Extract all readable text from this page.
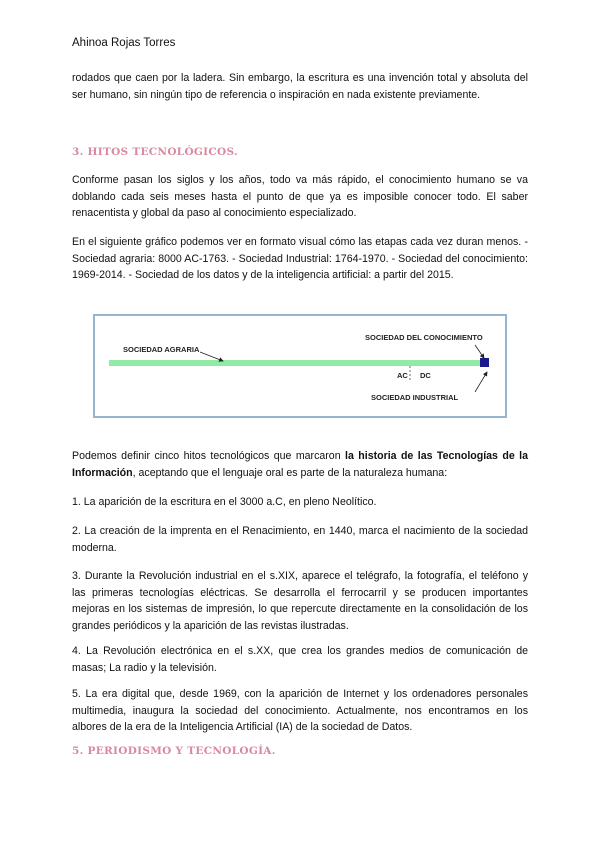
Ahinoa Rojas Torres
rodados que caen por la ladera. Sin embargo, la escritura es una invención total y absoluta del ser humano, sin ningún tipo de referencia o inspiración en nada existente previamente.
3. HITOS TECNOLÓGICOS.
Conforme pasan los siglos y los años, todo va más rápido, el conocimiento humano se va doblando cada seis meses hasta el punto de que ya es imposible conocer todo. El saber renacentista y global da paso al conocimiento especializado.
En el siguiente gráfico podemos ver en formato visual cómo las etapas cada vez duran menos. - Sociedad agraria: 8000 AC-1763. - Sociedad Industrial: 1764-1970. - Sociedad del conocimiento: 1969-2014. - Sociedad de los datos y de la inteligencia artificial: a partir del 2015.
SOCIEDAD AGRARIA
SOCIEDAD DEL CONOCIMIENTO
AC DC
SOCIEDAD INDUSTRIAL
Podemos definir cinco hitos tecnológicos que marcaron la historia de las Tecnologías de la Información, aceptando que el lenguaje oral es parte de la naturaleza humana:
1. La aparición de la escritura en el 3000 a.C, en pleno Neolítico.
2. La creación de la imprenta en el Renacimiento, en 1440, marca el nacimiento de la sociedad moderna.
3. Durante la Revolución industrial en el s.XIX, aparece el telégrafo, la fotografía, el teléfono y las primeras tecnologías eléctricas. Se desarrolla el ferrocarril y se producen importantes mejoras en los sistemas de impresión, lo que repercute directamente en la consolidación de los grandes periódicos y la aparición de las revistas ilustradas.
4. La Revolución electrónica en el s.XX, que crea los grandes medios de comunicación de masas; La radio y la televisión.
5. La era digital que, desde 1969, con la aparición de Internet y los ordenadores personales multimedia, inaugura la sociedad del conocimiento. Actualmente, nos encontramos en los albores de la era de la Inteligencia Artificial (IA) de la sociedad de Datos.
5. PERIODISMO Y TECNOLOGÍA.
